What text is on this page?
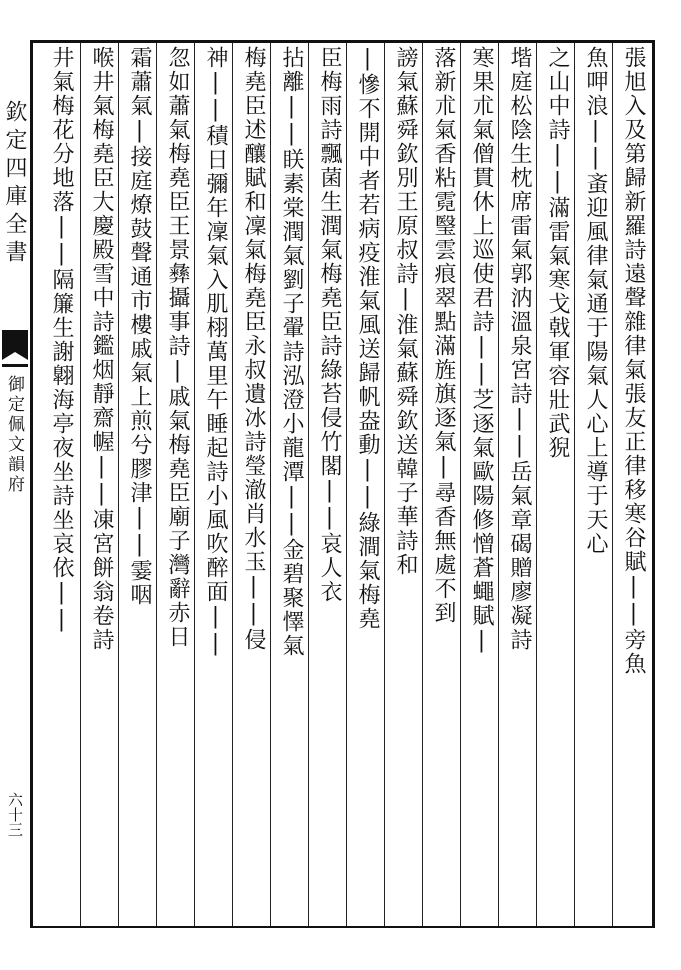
欽定四庫全書
御定佩文韻府
六十三
張旭入及第歸新羅詩遠聲雜律氣張友正律移寒谷賦||旁魚
魚呷浪||蚉迎風律氣通于陽氣人心上導于天心
之山中詩||滿雷氣寒戈戟軍容壯武猊
堦庭松陰生枕席雷氣郭汭溫泉宮詩||岳氣章碣贈廖凝詩
寒果朮氣僧貫休上巡使君詩||芝逐氣歐陽修憎蒼蠅賦|
落新朮氣香粘霓瑿雲痕翠點滿旌旗逐氣|尋香無處不到
謗氣蘇舜欽別王原叔詩|淮氣蘇舜欽送韓子華詩和
|慘不開中者若病疫淮氣風送歸帆盎動||綠澗氣梅堯
臣梅雨詩飄菌生潤氣梅堯臣詩綠苔侵竹閣||哀人衣
拈離||眹素棠潤氣劉子翬詩泓澄小龍潭||金碧聚懌氣
梅堯臣述釀賦和凜氣梅堯臣永叔遺冰詩瑩澈肖水玉||侵
神||積日彌年凜氣入肌栩萬里午睡起詩小風吹醉面||
忽如蕭氣梅堯臣王景彝攝事詩|戚氣梅堯臣廟子灣辭赤日
霜蕭氣|接庭燎鼓聲通市樓戚氣上煎兮膠津||霎咽
喉井氣梅堯臣大慶殿雪中詩鑑烟靜齋幄||凍宮餅翁卷詩
井氣梅花分地落||隔簾生謝翺海亭夜坐詩坐哀依||
